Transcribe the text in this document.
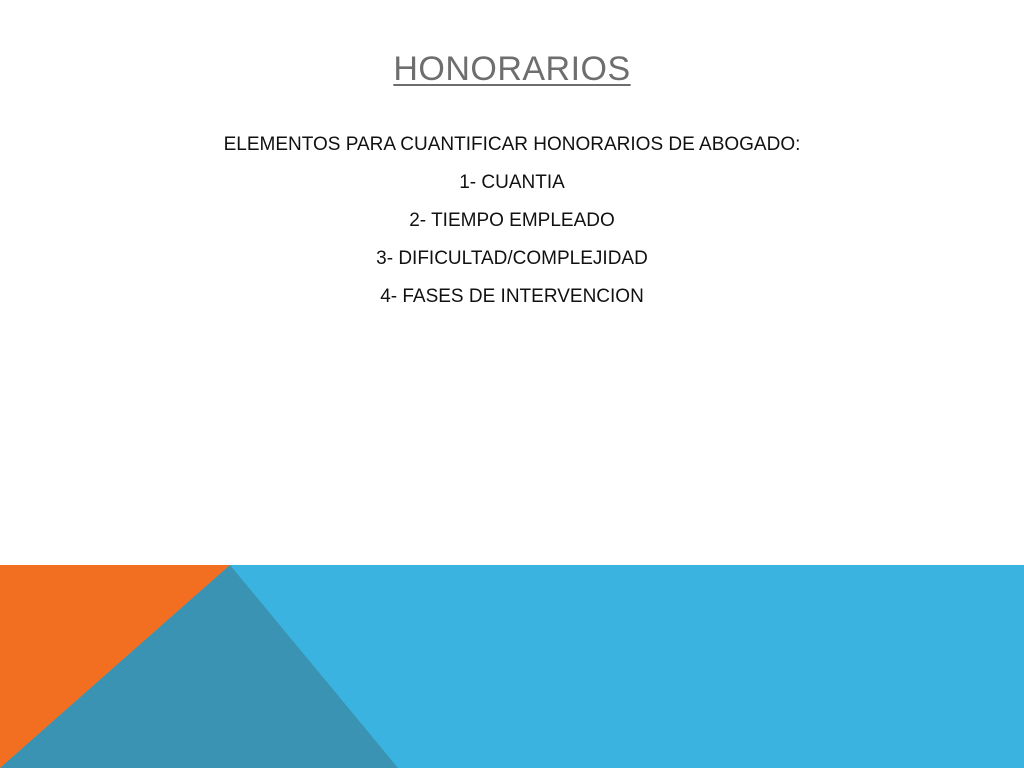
HONORARIOS
ELEMENTOS PARA CUANTIFICAR HONORARIOS DE ABOGADO:
1- CUANTIA
2- TIEMPO EMPLEADO
3- DIFICULTAD/COMPLEJIDAD
4- FASES DE INTERVENCION
